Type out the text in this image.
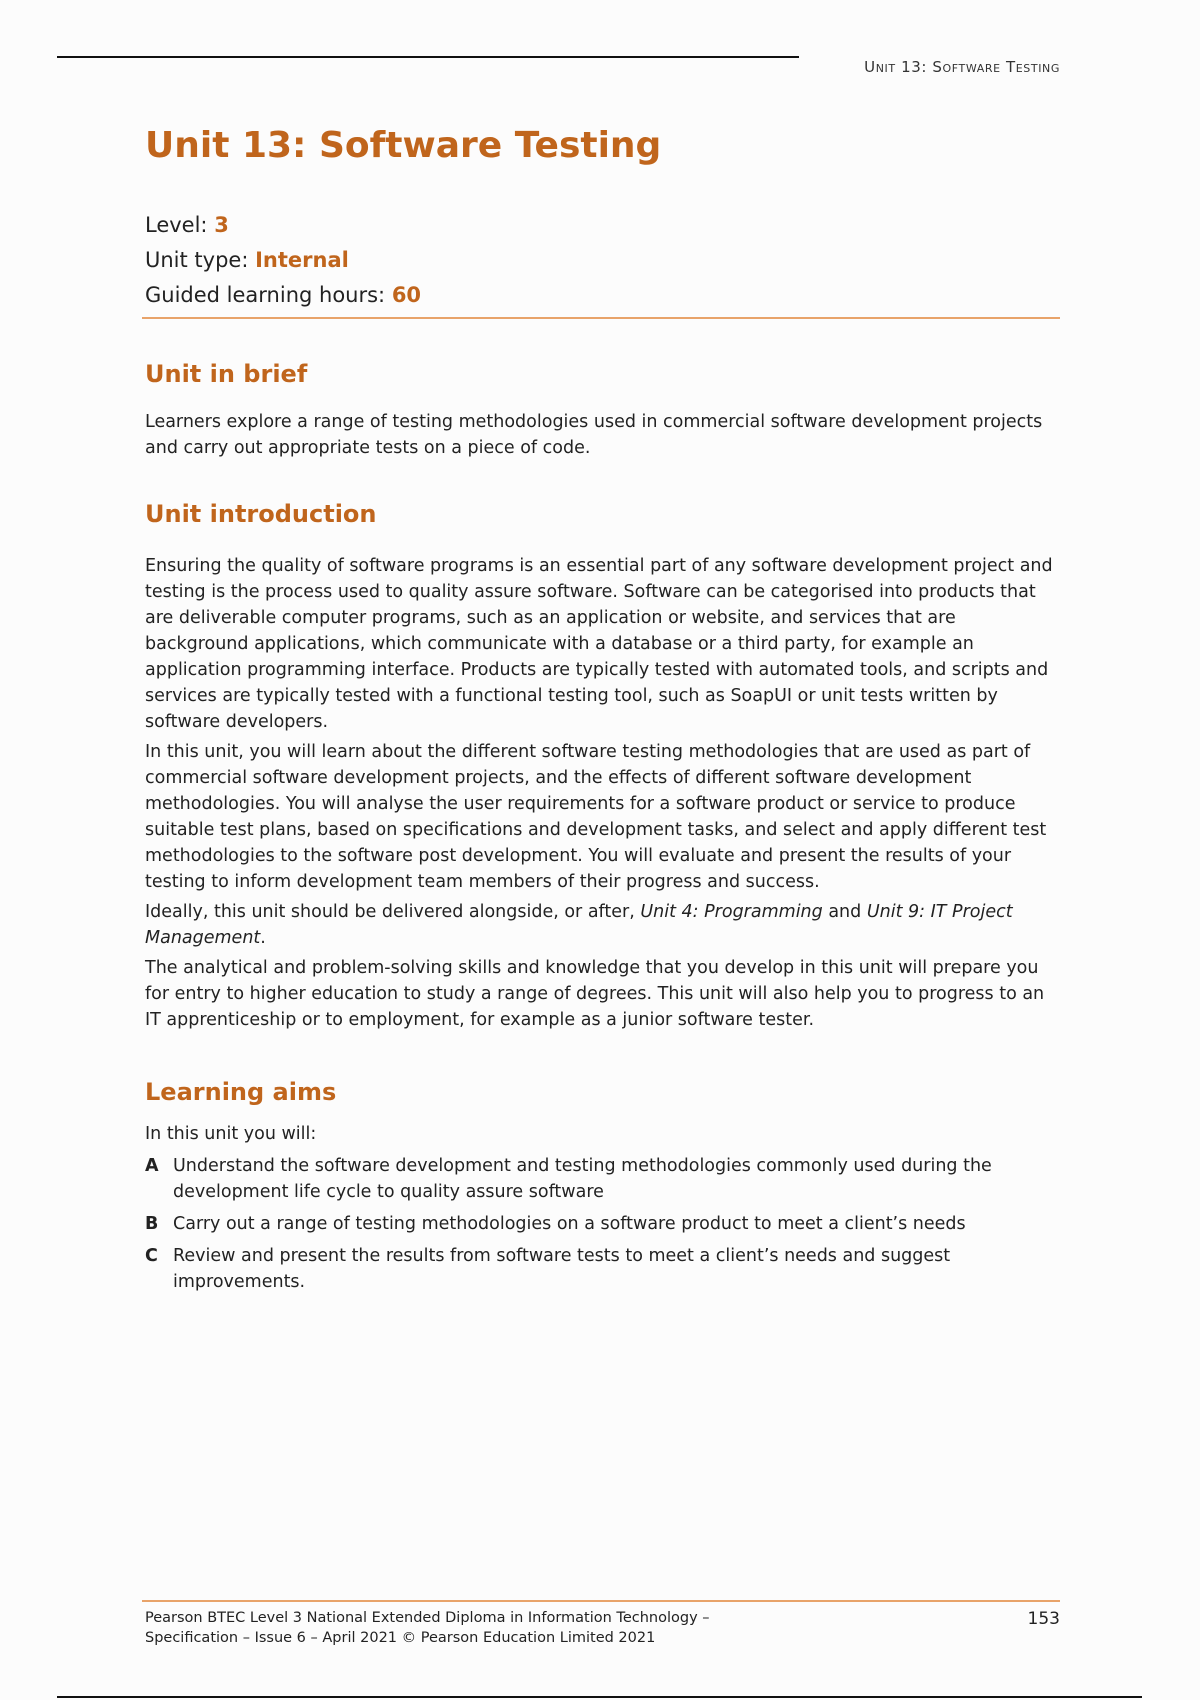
Unit 13: Software Testing
Unit 13: Software Testing
Level: 3
Unit type: Internal
Guided learning hours: 60
Unit in brief

Learners explore a range of testing methodologies used in commercial software development projects and carry out appropriate tests on a piece of code.

Unit introduction

Ensuring the quality of software programs is an essential part of any software development project and testing is the process used to quality assure software. Software can be categorised into products that are deliverable computer programs, such as an application or website, and services that are background applications, which communicate with a database or a third party, for example an application programming interface. Products are typically tested with automated tools, and scripts and services are typically tested with a functional testing tool, such as SoapUI or unit tests written by software developers.

In this unit, you will learn about the different software testing methodologies that are used as part of commercial software development projects, and the effects of different software development methodologies. You will analyse the user requirements for a software product or service to produce suitable test plans, based on specifications and development tasks, and select and apply different test methodologies to the software post development. You will evaluate and present the results of your testing to inform development team members of their progress and success.

Ideally, this unit should be delivered alongside, or after, Unit 4: Programming and Unit 9: IT Project Management.

The analytical and problem-solving skills and knowledge that you develop in this unit will prepare you for entry to higher education to study a range of degrees. This unit will also help you to progress to an IT apprenticeship or to employment, for example as a junior software tester.

Learning aims

In this unit you will:

A Understand the software development and testing methodologies commonly used during the development life cycle to quality assure software
B Carry out a range of testing methodologies on a software product to meet a client’s needs
C Review and present the results from software tests to meet a client’s needs and suggest improvements.
Pearson BTEC Level 3 National Extended Diploma in Information Technology –
Specification – Issue 6 – April 2021 © Pearson Education Limited 2021
153
